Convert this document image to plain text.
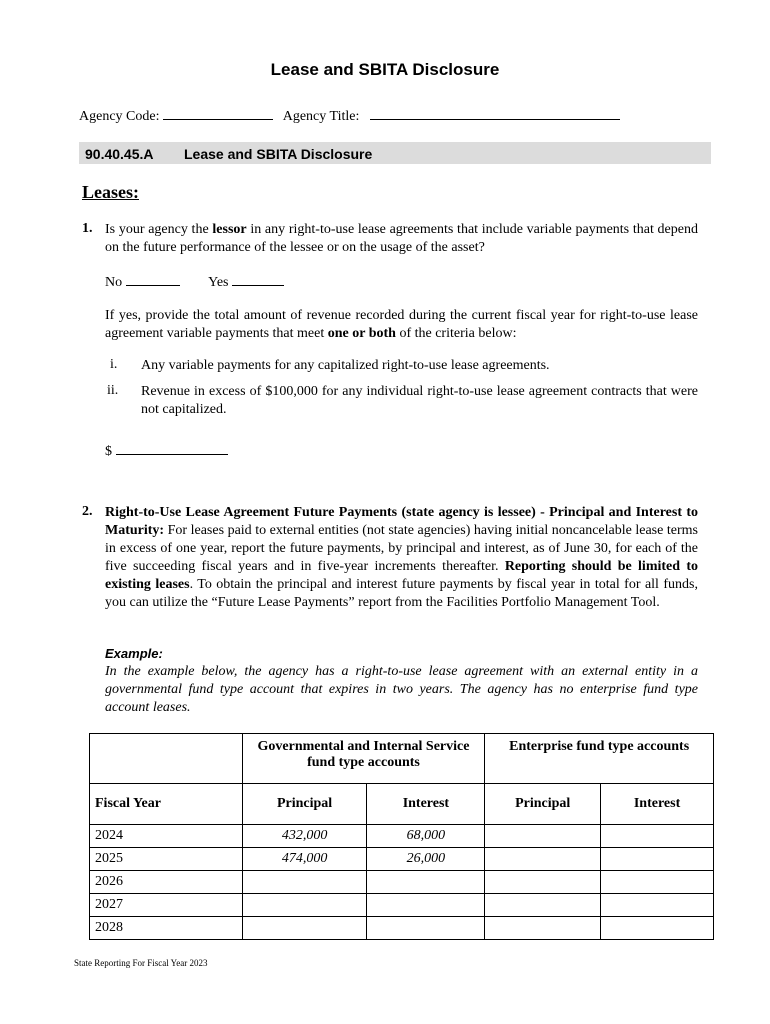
Lease and SBITA Disclosure
Agency Code:	Agency Title:
90.40.45.A Lease and SBITA Disclosure
Leases:
1. Is your agency the lessor in any right-to-use lease agreements that include variable payments that depend on the future performance of the lessee or on the usage of the asset?
No	Yes
If yes, provide the total amount of revenue recorded during the current fiscal year for right-to-use lease agreement variable payments that meet one or both of the criteria below:
i. Any variable payments for any capitalized right-to-use lease agreements.
ii. Revenue in excess of $100,000 for any individual right-to-use lease agreement contracts that were not capitalized.
$
2. Right-to-Use Lease Agreement Future Payments (state agency is lessee) - Principal and Interest to Maturity: For leases paid to external entities (not state agencies) having initial noncancelable lease terms in excess of one year, report the future payments, by principal and interest, as of June 30, for each of the five succeeding fiscal years and in five-year increments thereafter. Reporting should be limited to existing leases. To obtain the principal and interest future payments by fiscal year in total for all funds, you can utilize the “Future Lease Payments” report from the Facilities Portfolio Management Tool.
Example:
In the example below, the agency has a right-to-use lease agreement with an external entity in a governmental fund type account that expires in two years. The agency has no enterprise fund type account leases.
	Governmental and Internal Service fund type accounts		Enterprise fund type accounts	
Fiscal Year	Principal	Interest	Principal	Interest
2024	432,000	68,000		
2025	474,000	26,000		
2026				
2027				
2028				
State Reporting For Fiscal Year 2023
